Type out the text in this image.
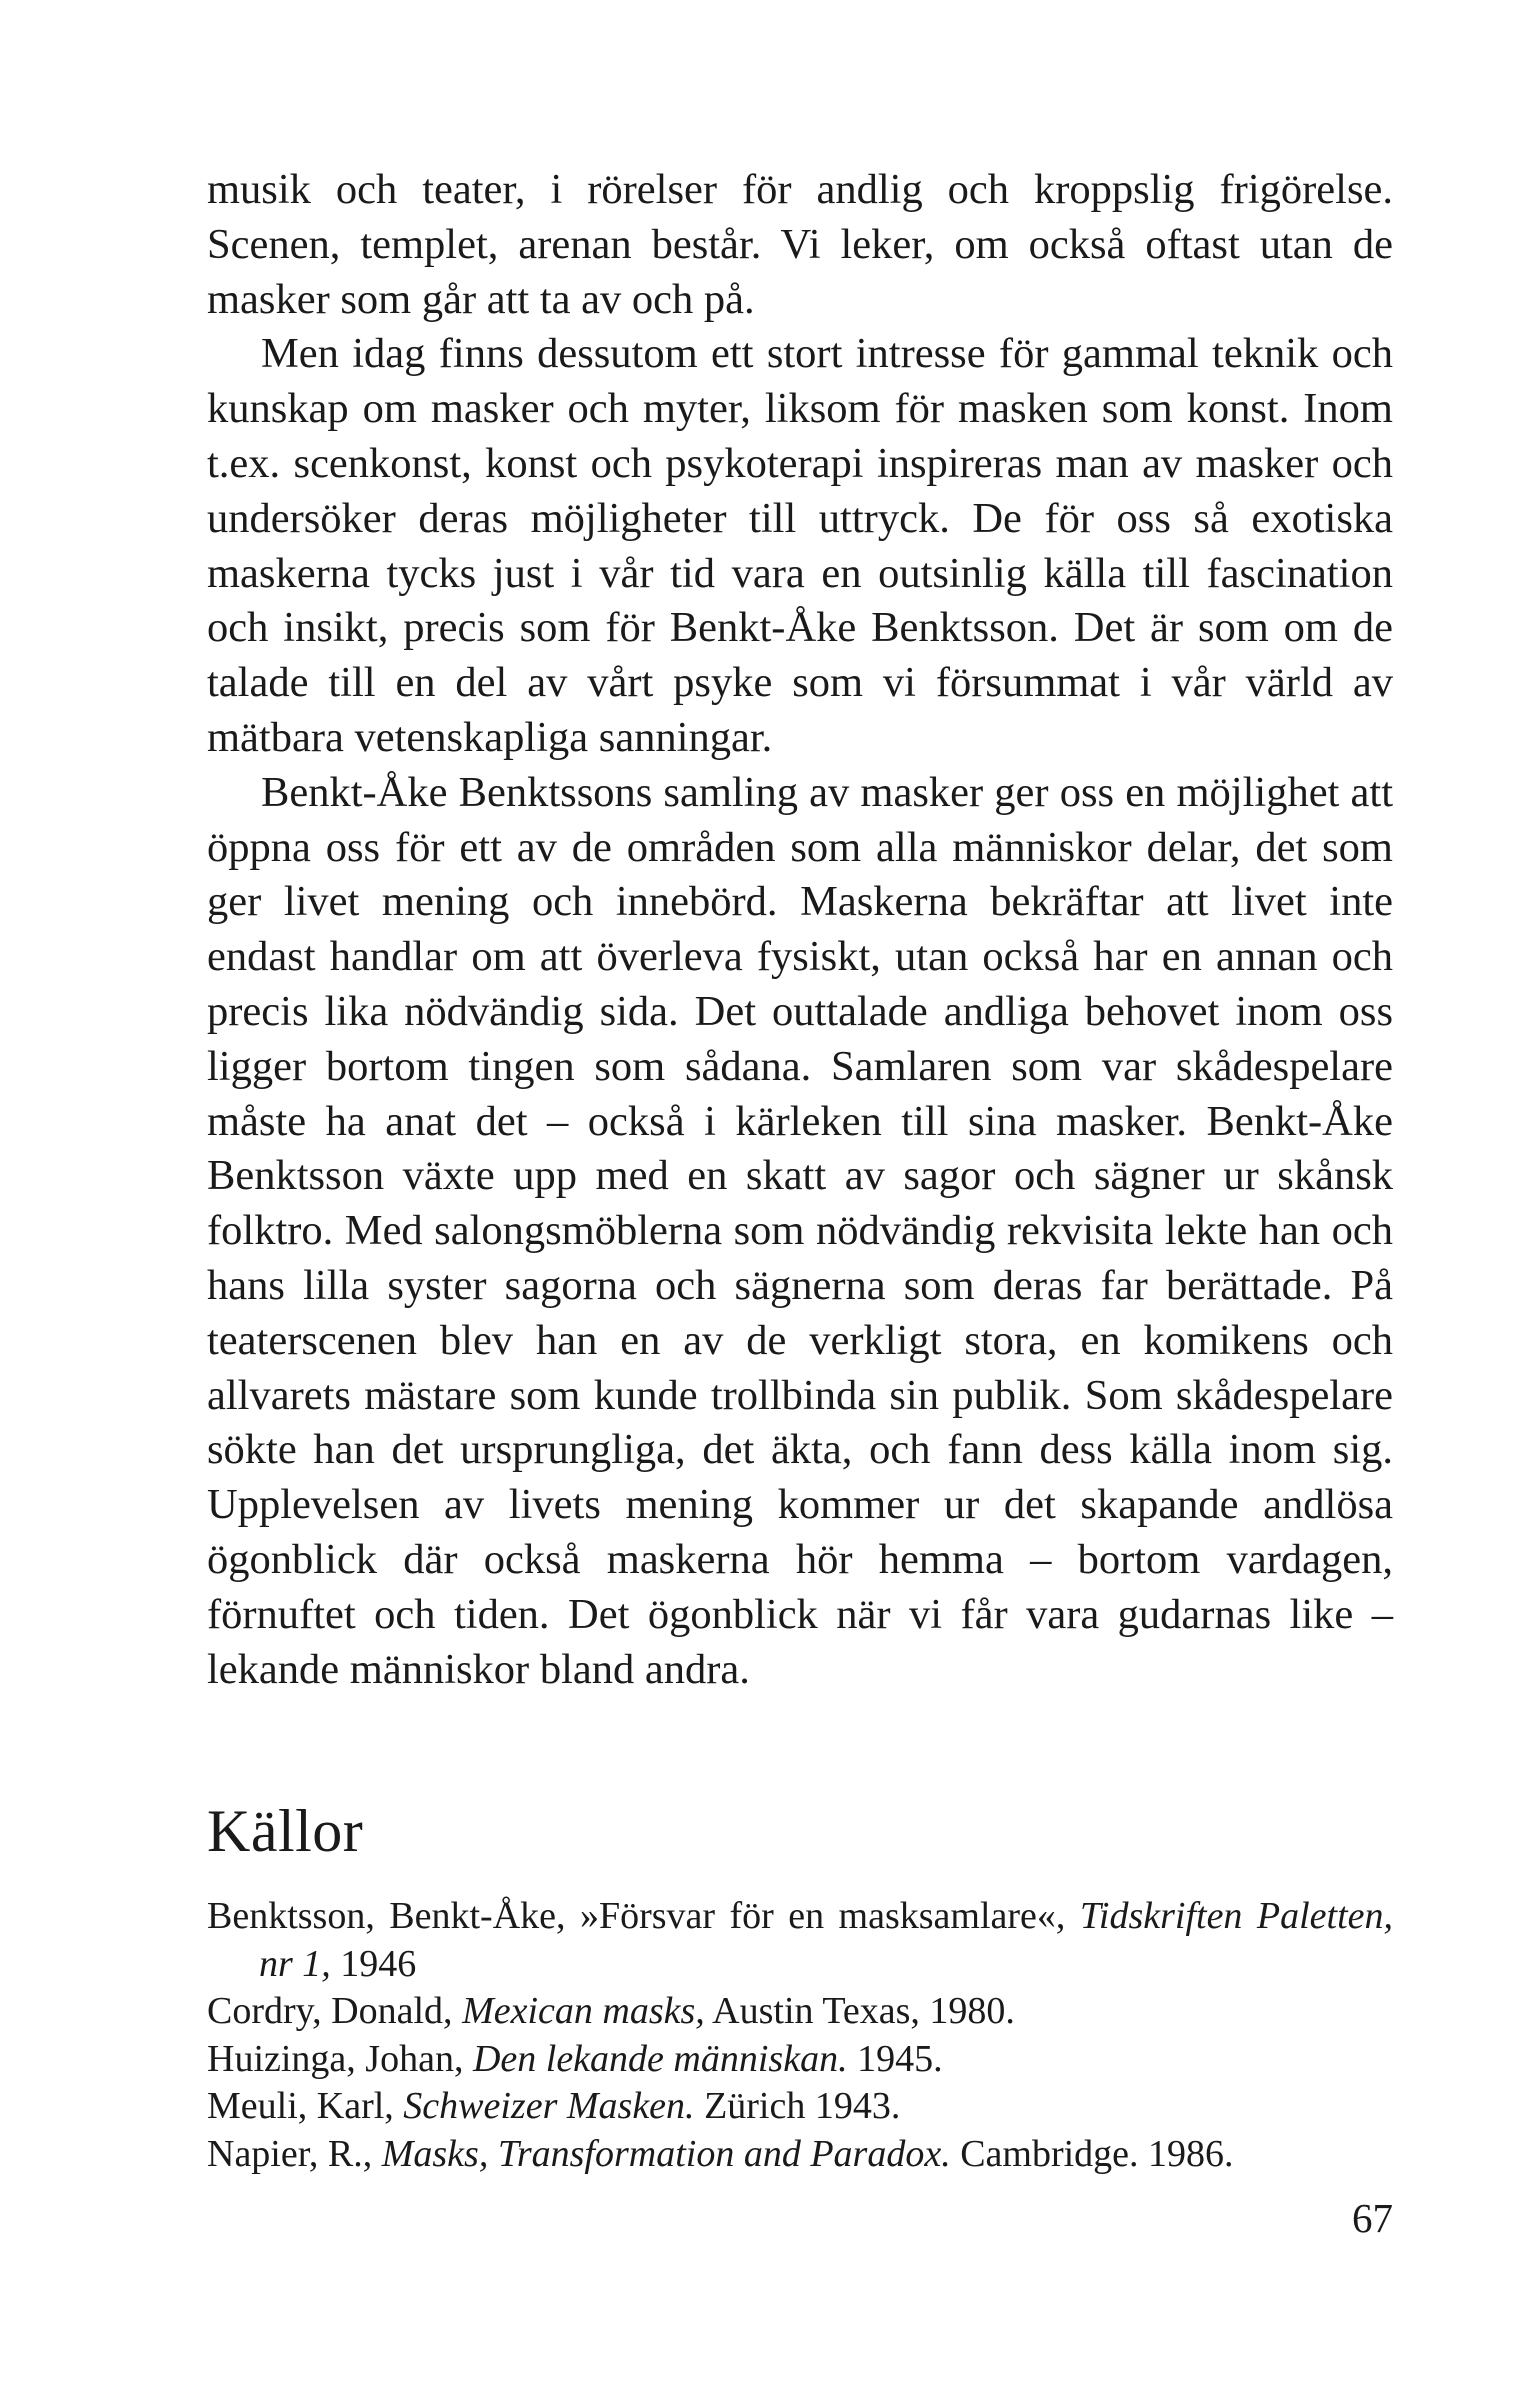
musik och teater, i rörelser för andlig och kroppslig frigörelse. Scenen, templet, arenan består. Vi leker, om också oftast utan de masker som går att ta av och på.

Men idag finns dessutom ett stort intresse för gammal teknik och kunskap om masker och myter, liksom för masken som konst. Inom t.ex. scenkonst, konst och psykoterapi inspireras man av masker och undersöker deras möjligheter till uttryck. De för oss så exotiska maskerna tycks just i vår tid vara en outsinlig källa till fascination och insikt, precis som för Benkt-Åke Benktsson. Det är som om de talade till en del av vårt psyke som vi försummat i vår värld av mätbara vetenskapliga sanningar.

Benkt-Åke Benktssons samling av masker ger oss en möjlighet att öppna oss för ett av de områden som alla människor delar, det som ger livet mening och innebörd. Maskerna bekräftar att livet inte endast handlar om att överleva fysiskt, utan också har en annan och precis lika nödvändig sida. Det outtalade andliga behovet inom oss ligger bortom tingen som sådana. Samlaren som var skådespelare måste ha anat det – också i kärleken till sina masker. Benkt-Åke Benktsson växte upp med en skatt av sagor och sägner ur skånsk folktro. Med salongsmöblerna som nödvändig rekvisita lekte han och hans lilla syster sagorna och sägnerna som deras far berättade. På teaterscenen blev han en av de verkligt stora, en komikens och allvarets mästare som kunde trollbinda sin publik. Som skådespelare sökte han det ursprungliga, det äkta, och fann dess källa inom sig. Upplevelsen av livets mening kommer ur det skapande andlösa ögonblick där också maskerna hör hemma – bortom vardagen, förnuftet och tiden. Det ögonblick när vi får vara gudarnas like – lekande människor bland andra.

Källor
Benktsson, Benkt-Åke, »Försvar för en masksamlare«, Tidskriften Paletten, nr 1, 1946
Cordry, Donald, Mexican masks, Austin Texas, 1980.
Huizinga, Johan, Den lekande människan. 1945.
Meuli, Karl, Schweizer Masken. Zürich 1943.
Napier, R., Masks, Transformation and Paradox. Cambridge. 1986.
67
